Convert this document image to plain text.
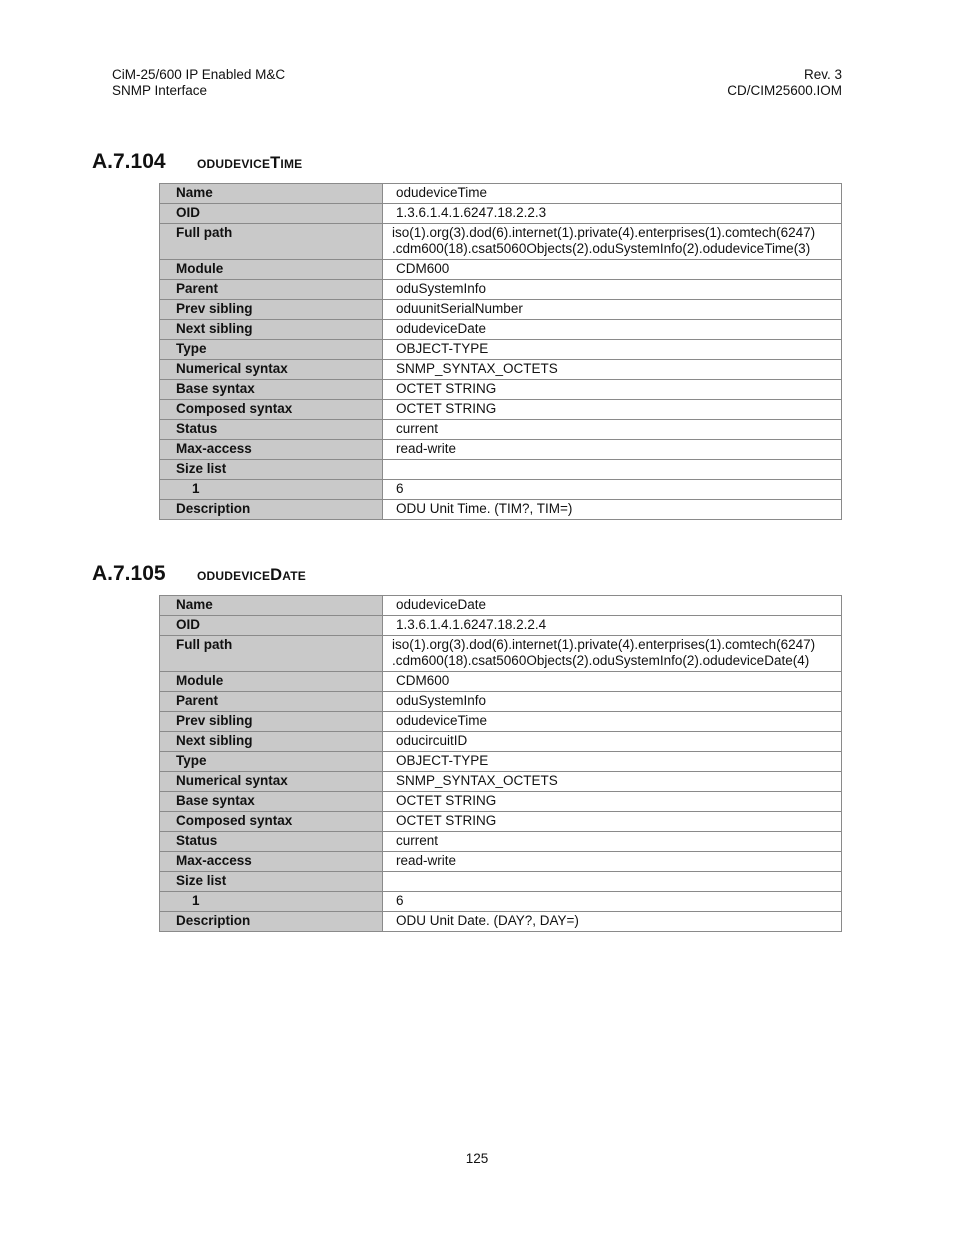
CiM-25/600 IP Enabled M&C
SNMP Interface
Rev. 3
CD/CIM25600.IOM
A.7.104 odudeviceTime
Name	odudeviceTime
OID	1.3.6.1.4.1.6247.18.2.2.3
Full path	iso(1).org(3).dod(6).internet(1).private(4).enterprises(1).comtech(6247)
.cdm600(18).csat5060Objects(2).oduSystemInfo(2).odudeviceTime(3)

Module	CDM600
Parent	oduSystemInfo
Prev sibling	oduunitSerialNumber
Next sibling	odudeviceDate
Type	OBJECT-TYPE
Numerical syntax	SNMP_SYNTAX_OCTETS
Base syntax	OCTET STRING
Composed syntax	OCTET STRING
Status	current
Max-access	read-write
Size list	
1	6
Description	ODU Unit Time. (TIM?, TIM=)
A.7.105 odudeviceDate
Name	odudeviceDate
OID	1.3.6.1.4.1.6247.18.2.2.4
Full path	iso(1).org(3).dod(6).internet(1).private(4).enterprises(1).comtech(6247)
.cdm600(18).csat5060Objects(2).oduSystemInfo(2).odudeviceDate(4)

Module	CDM600
Parent	oduSystemInfo
Prev sibling	odudeviceTime
Next sibling	oducircuitID
Type	OBJECT-TYPE
Numerical syntax	SNMP_SYNTAX_OCTETS
Base syntax	OCTET STRING
Composed syntax	OCTET STRING
Status	current
Max-access	read-write
Size list	
1	6
Description	ODU Unit Date. (DAY?, DAY=)
125
